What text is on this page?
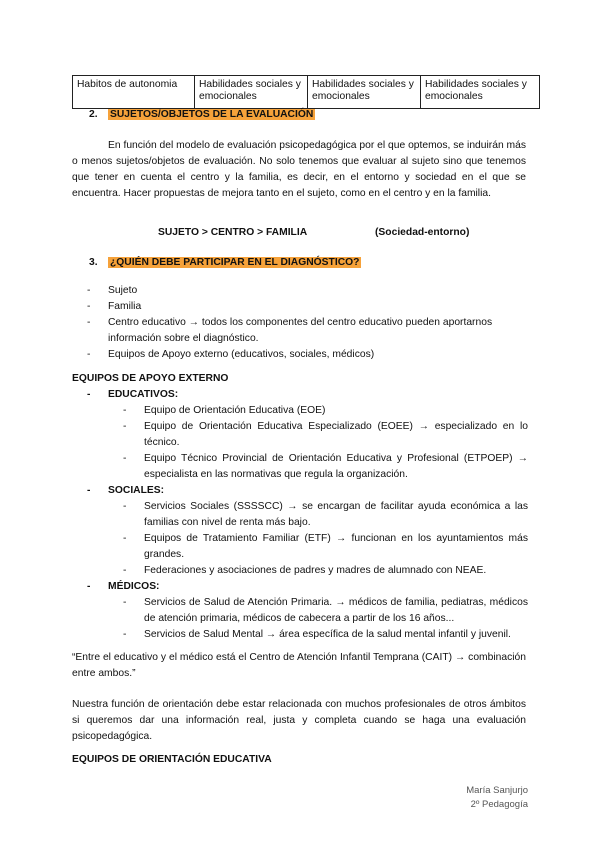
Habitos de autonomia	Habilidades sociales y emocionales	Habilidades sociales y emocionales	Habilidades sociales y emocionales
2. SUJETOS/OBJETOS DE LA EVALUACIÓN
En función del modelo de evaluación psicopedagógica por el que optemos, se induirán más o menos sujetos/objetos de evaluación. No solo tenemos que evaluar al sujeto sino que tenemos que tener en cuenta el centro y la familia, es decir, en el entorno y sociedad en el que se encuentra. Hacer propuestas de mejora tanto en el sujeto, como en el centro y en la familia.
SUJETO > CENTRO > FAMILIA	(Sociedad-entorno)
3. ¿QUIÉN DEBE PARTICIPAR EN EL DIAGNÓSTICO?
- Sujeto
- Familia
- Centro educativo → todos los componentes del centro educativo pueden aportarnos información sobre el diagnóstico.
- Equipos de Apoyo externo (educativos, sociales, médicos)
EQUIPOS DE APOYO EXTERNO
- EDUCATIVOS:
- Equipo de Orientación Educativa (EOE)
- Equipo de Orientación Educativa Especializado (EOEE) → especializado en lo técnico.
- Equipo Técnico Provincial de Orientación Educativa y Profesional (ETPOEP) → especialista en las normativas que regula la organización.
- SOCIALES:
- Servicios Sociales (SSSSCC) → se encargan de facilitar ayuda económica a las familias con nivel de renta más bajo.
- Equipos de Tratamiento Familiar (ETF) → funcionan en los ayuntamientos más grandes.
- Federaciones y asociaciones de padres y madres de alumnado con NEAE.
- MÉDICOS:
- Servicios de Salud de Atención Primaria. → médicos de familia, pediatras, médicos de atención primaria, médicos de cabecera a partir de los 16 años...
- Servicios de Salud Mental → área específica de la salud mental infantil y juvenil.
“Entre el educativo y el médico está el Centro de Atención Infantil Temprana (CAIT) → combinación entre ambos.”
Nuestra función de orientación debe estar relacionada con muchos profesionales de otros ámbitos si queremos dar una información real, justa y completa cuando se haga una evaluación psicopedagógica.
EQUIPOS DE ORIENTACIÓN EDUCATIVA
María Sanjurjo
2º Pedagogía
